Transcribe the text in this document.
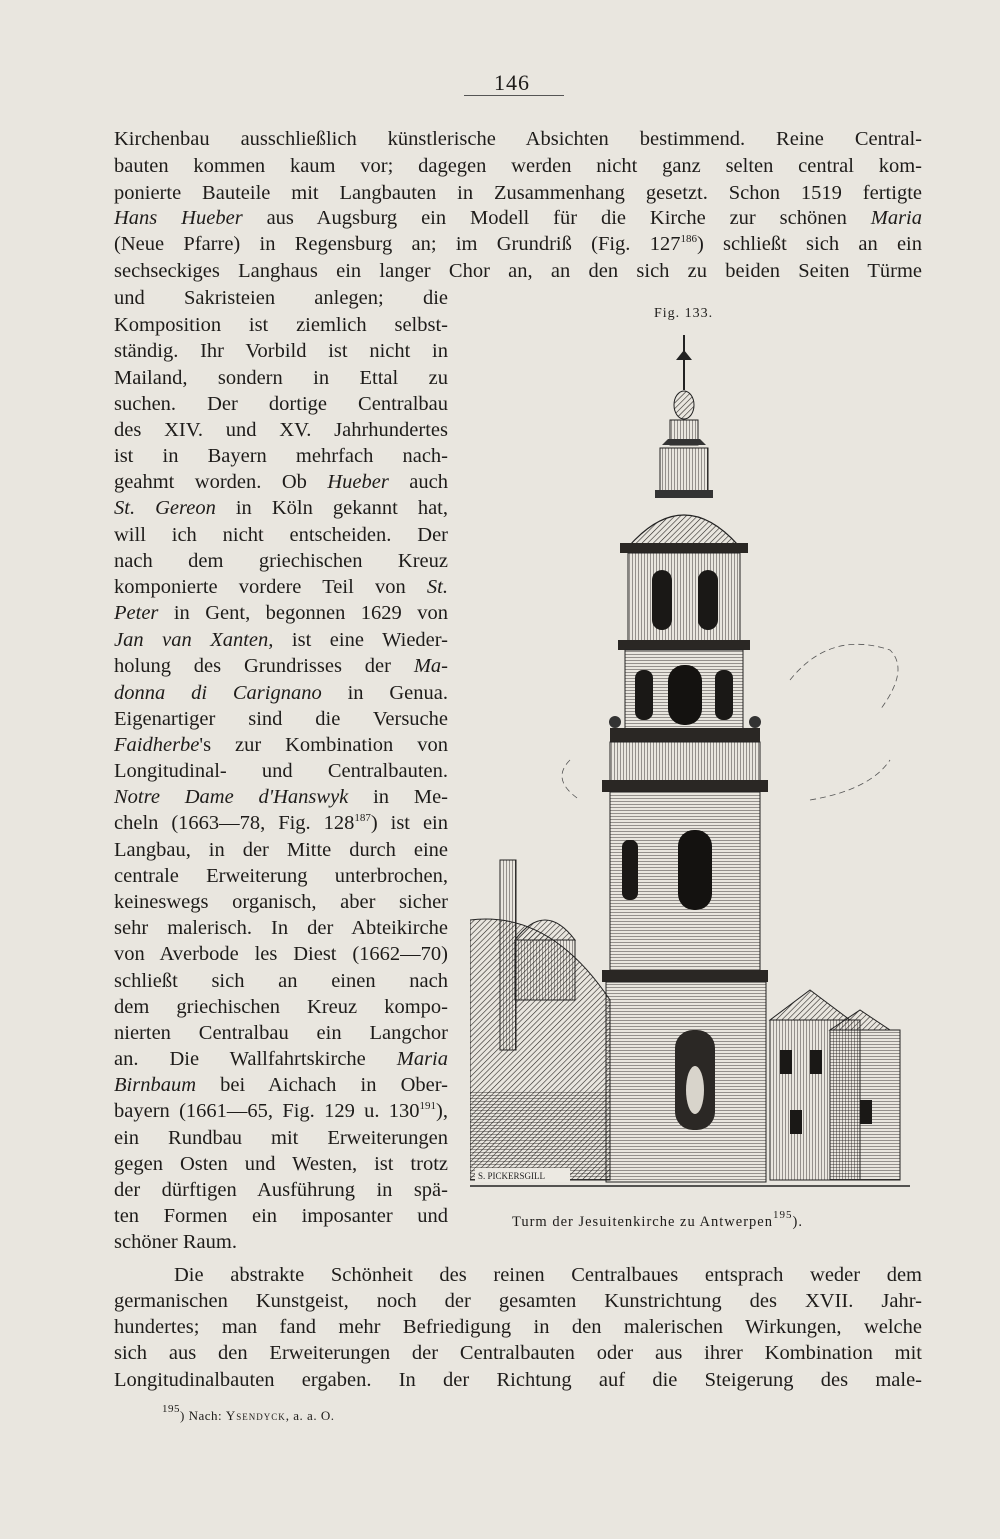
146
Kirchenbau ausschließlich künstlerische Absichten bestimmend. Reine Central-
bauten kommen kaum vor; dagegen werden nicht ganz selten central kom-
ponierte Bauteile mit Langbauten in Zusammenhang gesetzt. Schon 1519 fertigte
Hans Hueber aus Augsburg ein Modell für die Kirche zur schönen Maria
(Neue Pfarre) in Regensburg an; im Grundriß (Fig. $127^{186}$) schließt sich an ein
sechseckiges Langhaus ein langer Chor an, an den sich zu beiden Seiten Türme
und Sakristeien anlegen; die
Komposition ist ziemlich selbst-
ständig. Ihr Vorbild ist nicht in
Mailand, sondern in Ettal zu
suchen. Der dortige Centralbau
des XIV. und XV. Jahrhundertes
ist in Bayern mehrfach nach-
geahmt worden. Ob Hueber auch
St. Gereon in Köln gekannt hat,
will ich nicht entscheiden. Der
nach dem griechischen Kreuz
komponierte vordere Teil von St.
Peter in Gent, begonnen 1629 von
Jan van Xanten, ist eine Wieder-
holung des Grundrisses der Ma-
donna di Carignano in Genua.
Eigenartiger sind die Versuche
Faidherbe's zur Kombination von
Longitudinal- und Centralbauten.
Notre Dame d'Hanswyk in Me-
cheln (1663—78, Fig. $128^{187}$) ist ein
Langbau, in der Mitte durch eine
centrale Erweiterung unterbrochen,
keineswegs organisch, aber sicher
sehr malerisch. In der Abteikirche
von Averbode les Diest (1662—70)
schließt sich an einen nach
dem griechischen Kreuz kompo-
nierten Centralbau ein Langchor
an. Die Wallfahrtskirche Maria
Birnbaum bei Aichach in Ober-
bayern (1661—65, Fig. 129 u. $130^{191}$),
ein Rundbau mit Erweiterungen
gegen Osten und Westen, ist trotz
der dürftigen Ausführung in spä-
ten Formen ein imposanter und
schöner Raum.
Die abstrakte Schönheit des reinen Centralbaues entsprach weder dem
germanischen Kunstgeist, noch der gesamten Kunstrichtung des XVII. Jahr-
hundertes; man fand mehr Befriedigung in den malerischen Wirkungen, welche
sich aus den Erweiterungen der Centralbauten oder aus ihrer Kombination mit
Longitudinalbauten ergaben. In der Richtung auf die Steigerung des male-
Fig. 133.
S. PICKERSGILL
Turm der Jesuitenkirche zu Antwerpen$^{195}$).
$^{195}$) Nach: Ysendyck, a. a. O.
